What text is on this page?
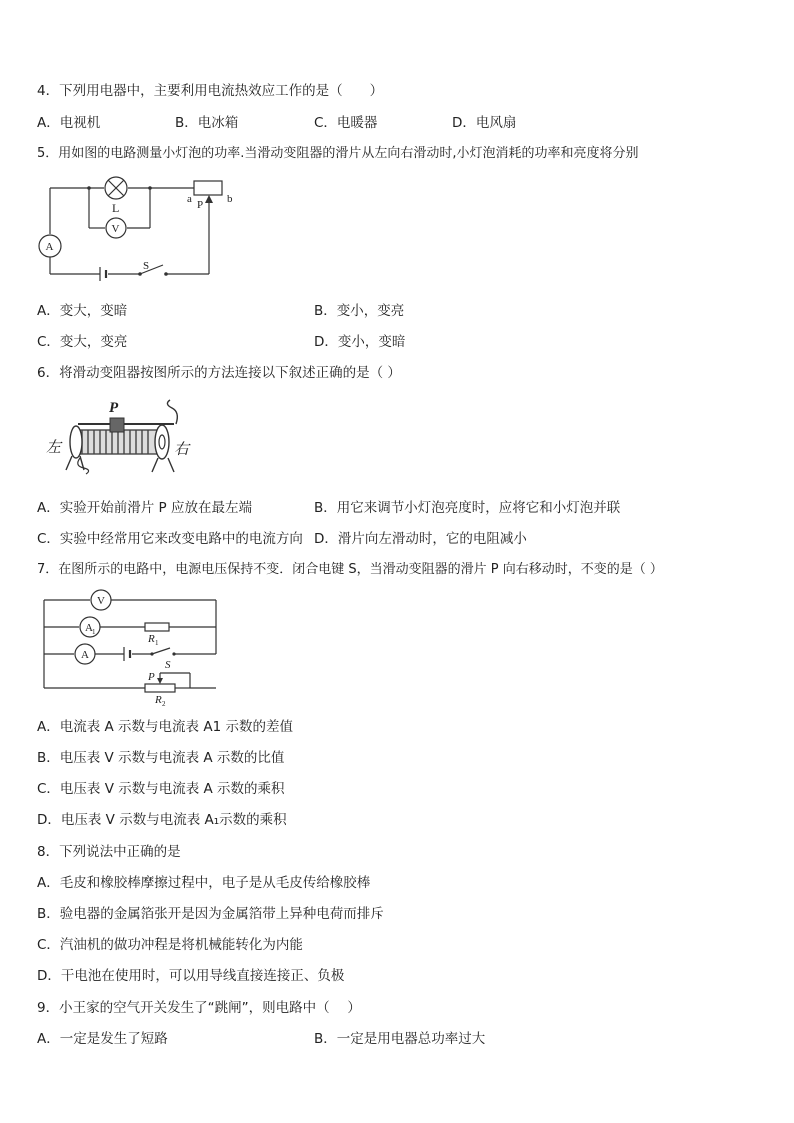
4．下列用电器中，主要利用电流热效应工作的是（　　）
A．电视机	B．电冰箱	C．电暖器	D．电风扇
5．用如图的电路测量小灯泡的功率.当滑动变阻器的滑片从左向右滑动时,小灯泡消耗的功率和亮度将分别
L
V
A
S
a	b
P
A．变大，变暗	B．变小，变亮
C．变大，变亮	D．变小，变暗
6．将滑动变阻器按图所示的方法连接以下叙述正确的是（ ）
P
左	右
A．实验开始前滑片 P 应放在最左端	B．用它来调节小灯泡亮度时，应将它和小灯泡并联
C．实验中经常用它来改变电路中的电流方向 D．滑片向左滑动时，它的电阻减小
7．在图所示的电路中，电源电压保持不变．闭合电键 S，当滑动变阻器的滑片 P 向右移动时，不变的是（ ）
V
A 1
A
R 1
S
P
R 2
A．电流表 A 示数与电流表 A1 示数的差值
B．电压表 V 示数与电流表 A 示数的比值
C．电压表 V 示数与电流表 A 示数的乘积
D．电压表 V 示数与电流表 A₁示数的乘积
8．下列说法中正确的是
A．毛皮和橡胶棒摩擦过程中，电子是从毛皮传给橡胶棒
B．验电器的金属箔张开是因为金属箔带上异种电荷而排斥
C．汽油机的做功冲程是将机械能转化为内能
D．干电池在使用时，可以用导线直接连接正、负极
9．小王家的空气开关发生了“跳闸”，则电路中（　 ）
A．一定是发生了短路	B．一定是用电器总功率过大
